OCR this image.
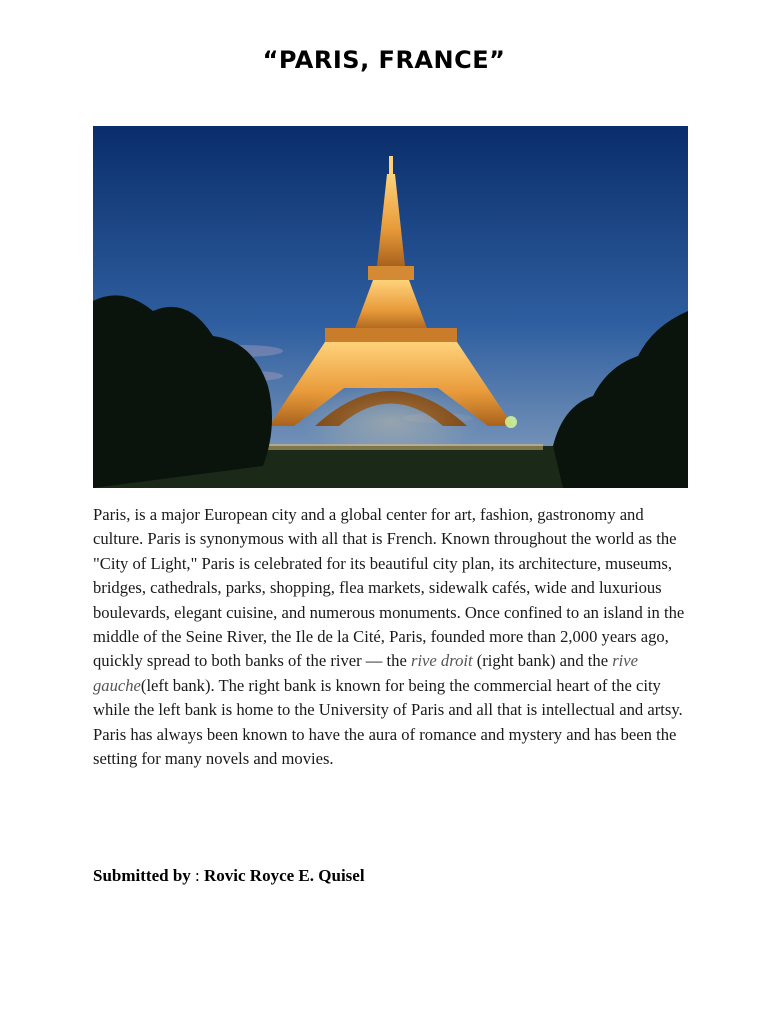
“PARIS, FRANCE”
Paris, is a major European city and a global center for art, fashion, gastronomy and culture. Paris is synonymous with all that is French. Known throughout the world as the "City of Light," Paris is celebrated for its beautiful city plan, its architecture, museums, bridges, cathedrals, parks, shopping, flea markets, sidewalk cafés, wide and luxurious boulevards, elegant cuisine, and numerous monuments. Once confined to an island in the middle of the Seine River, the Ile de la Cité, Paris, founded more than 2,000 years ago, quickly spread to both banks of the river — the rive droit (right bank) and the rive gauche(left bank). The right bank is known for being the commercial heart of the city while the left bank is home to the University of Paris and all that is intellectual and artsy. Paris has always been known to have the aura of romance and mystery and has been the setting for many novels and movies.
Submitted by : Rovic Royce E. Quisel
